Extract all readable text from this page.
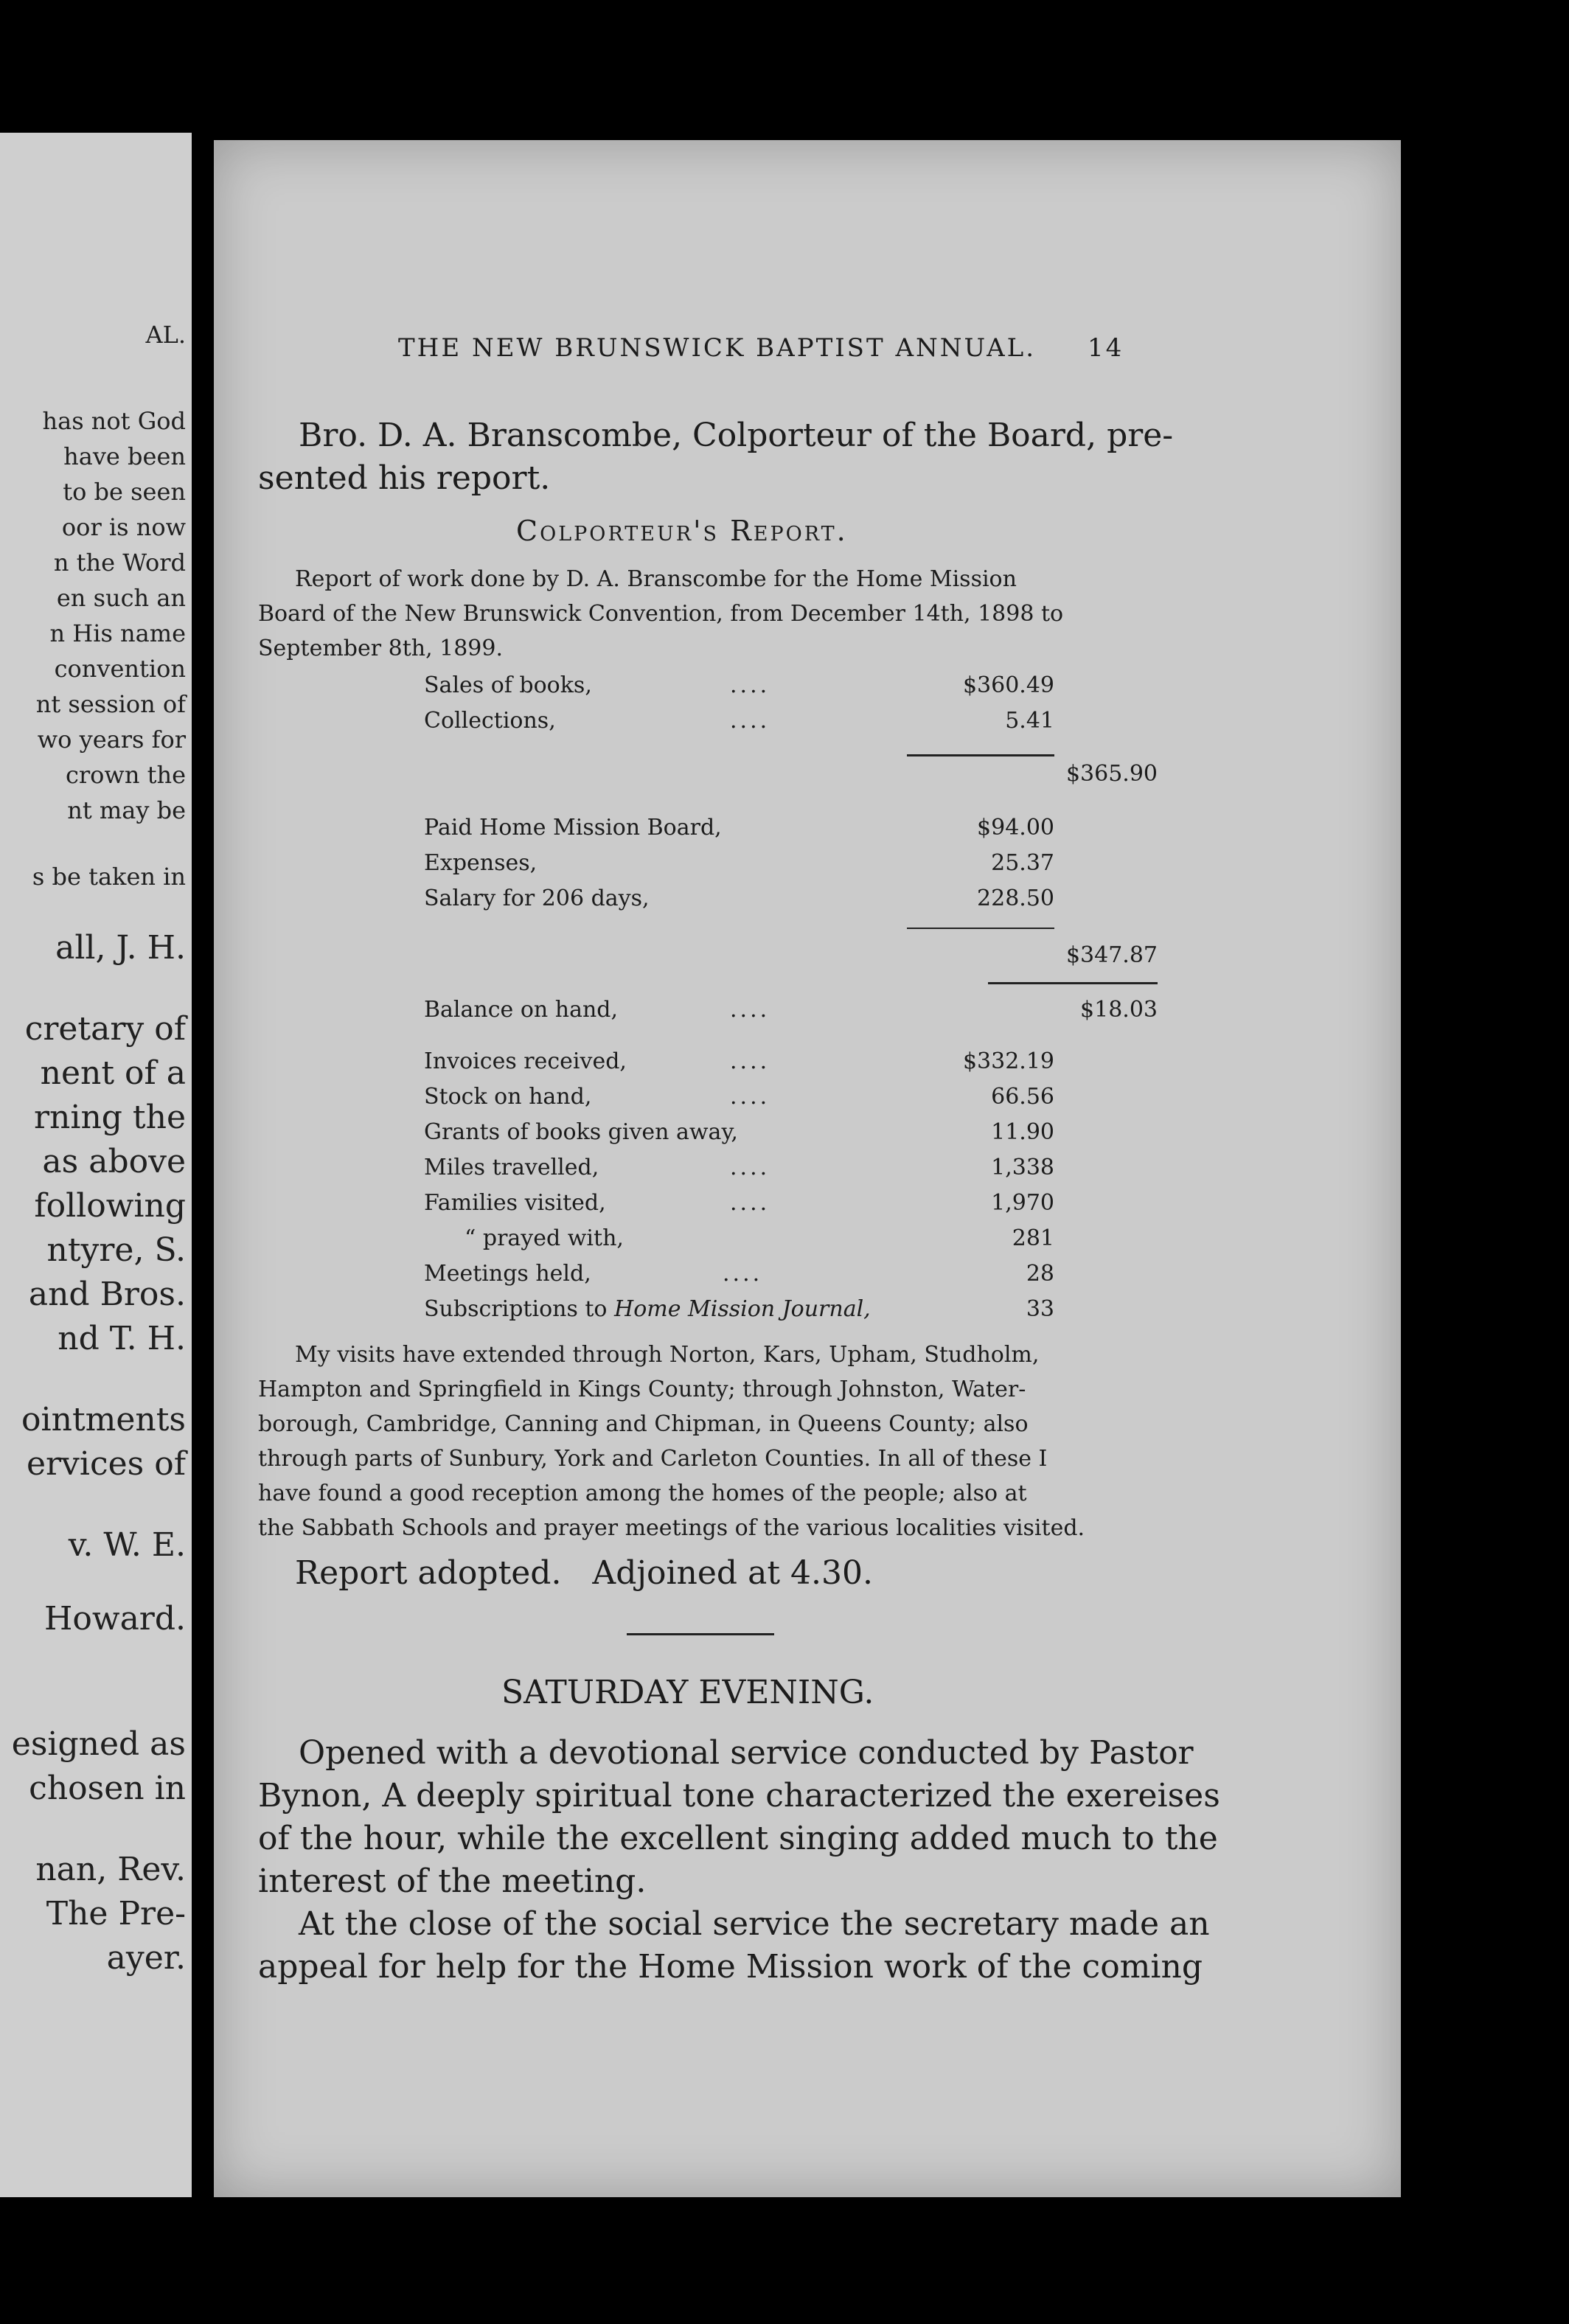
AL.
has not God
have been
to be seen
oor is now
n the Word
en such an
n His name
convention
nt session of
wo years for
crown the
nt may be
s be taken in
all, J. H.
cretary of
nent of a
rning the
as above
following
ntyre, S.
and Bros.
nd T. H.
ointments
ervices of
v. W. E.
Howard.
esigned as
chosen in
nan, Rev.
The Pre-
ayer.
THE NEW BRUNSWICK BAPTIST ANNUAL. 14
Bro. D. A. Branscombe, Colporteur of the Board, pre-
sented his report.
Colporteur's Report.
Report of work done by D. A. Branscombe for the Home Mission
Board of the New Brunswick Convention, from December 14th, 1898 to
September 8th, 1899.
Sales of books,	....	$360.49
Collections,	....	5.41
$365.90
Paid Home Mission Board,	$94.00
Expenses,	25.37
Salary for 206 days,	228.50
$347.87
Balance on hand,	....	$18.03
Invoices received,	....	$332.19
Stock on hand,	....	66.56
Grants of books given away,	11.90
Miles travelled,	....	1,338
Families visited,	....	1,970
“ prayed with,	281
Meetings held,	....	28
Subscriptions to Home Mission Journal,	33
My visits have extended through Norton, Kars, Upham, Studholm,
Hampton and Springfield in Kings County; through Johnston, Water-
borough, Cambridge, Canning and Chipman, in Queens County; also
through parts of Sunbury, York and Carleton Counties. In all of these I
have found a good reception among the homes of the people; also at
the Sabbath Schools and prayer meetings of the various localities visited.
Report adopted.   Adjoined at 4.30.
SATURDAY EVENING.
Opened with a devotional service conducted by Pastor
Bynon, A deeply spiritual tone characterized the exereises
of the hour, while the excellent singing added much to the
interest of the meeting.
At the close of the social service the secretary made an
appeal for help for the Home Mission work of the coming
